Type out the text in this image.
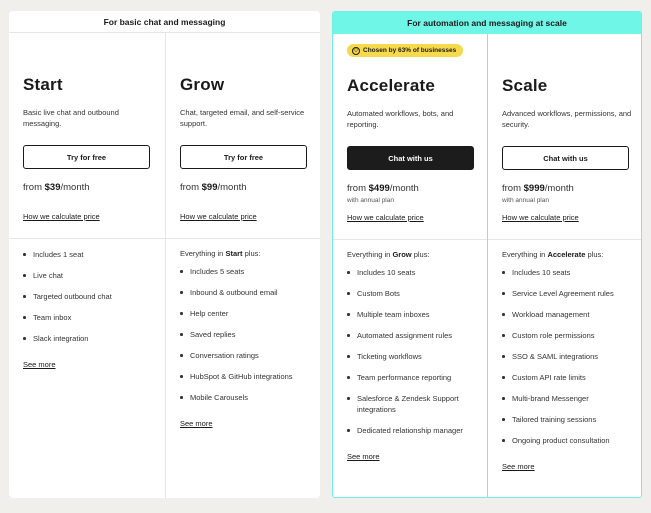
For basic chat and messaging
Start
Basic live chat and outbound messaging.
Try for free
from $39/month
How we calculate price
Includes 1 seat
Live chat
Targeted outbound chat
Team inbox
Slack integration
See more
Grow
Chat, targeted email, and self-service support.
Try for free
from $99/month
How we calculate price
Everything in Start plus:
Includes 5 seats
Inbound & outbound email
Help center
Saved replies
Conversation ratings
HubSpot & GitHub integrations
Mobile Carousels
See more
For automation and messaging at scale
♡ Chosen by 63% of businesses
Accelerate
Automated workflows, bots, and reporting.
Chat with us
from $499/month
with annual plan
How we calculate price
Everything in Grow plus:
Includes 10 seats
Custom Bots
Multiple team inboxes
Automated assignment rules
Ticketing workflows
Team performance reporting
Salesforce & Zendesk Support integrations
Dedicated relationship manager
See more
Scale
Advanced workflows, permissions, and security.
Chat with us
from $999/month
with annual plan
How we calculate price
Everything in Accelerate plus:
Includes 10 seats
Service Level Agreement rules
Workload management
Custom role permissions
SSO & SAML integrations
Custom API rate limits
Multi-brand Messenger
Tailored training sessions
Ongoing product consultation
See more
